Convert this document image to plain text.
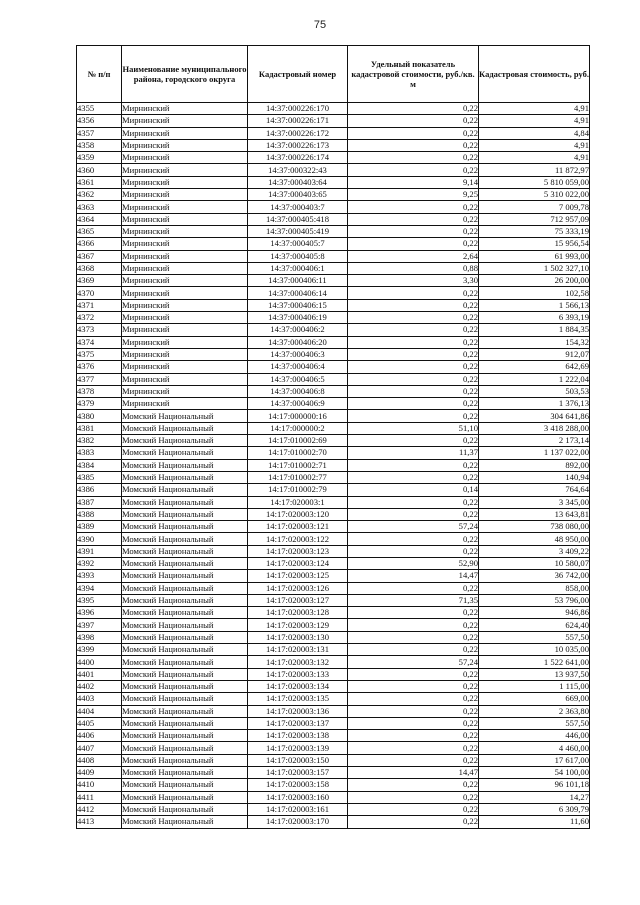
75
№ п/п	Наименование муниципального района, городского округа	Кадастровый номер	Удельный показатель кадастровой стоимости, руб./кв. м	Кадастровая стоимость, руб.
4355	Мирнинский	14:37:000226:170	0,22	4,91
4356	Мирнинский	14:37:000226:171	0,22	4,91
4357	Мирнинский	14:37:000226:172	0,22	4,84
4358	Мирнинский	14:37:000226:173	0,22	4,91
4359	Мирнинский	14:37:000226:174	0,22	4,91
4360	Мирнинский	14:37:000322:43	0,22	11 872,97
4361	Мирнинский	14:37:000403:64	9,14	5 810 059,00
4362	Мирнинский	14:37:000403:65	9,25	5 310 022,00
4363	Мирнинский	14:37:000403:7	0,22	7 009,78
4364	Мирнинский	14:37:000405:418	0,22	712 957,09
4365	Мирнинский	14:37:000405:419	0,22	75 333,19
4366	Мирнинский	14:37:000405:7	0,22	15 956,54
4367	Мирнинский	14:37:000405:8	2,64	61 993,00
4368	Мирнинский	14:37:000406:1	0,88	1 502 327,10
4369	Мирнинский	14:37:000406:11	3,30	26 200,00
4370	Мирнинский	14:37:000406:14	0,22	102,58
4371	Мирнинский	14:37:000406:15	0,22	1 566,13
4372	Мирнинский	14:37:000406:19	0,22	6 393,19
4373	Мирнинский	14:37:000406:2	0,22	1 884,35
4374	Мирнинский	14:37:000406:20	0,22	154,32
4375	Мирнинский	14:37:000406:3	0,22	912,07
4376	Мирнинский	14:37:000406:4	0,22	642,69
4377	Мирнинский	14:37:000406:5	0,22	1 222,04
4378	Мирнинский	14:37:000406:8	0,22	503,53
4379	Мирнинский	14:37:000406:9	0,22	1 376,13
4380	Момский Национальный	14:17:000000:16	0,22	304 641,86
4381	Момский Национальный	14:17:000000:2	51,10	3 418 288,00
4382	Момский Национальный	14:17:010002:69	0,22	2 173,14
4383	Момский Национальный	14:17:010002:70	11,37	1 137 022,00
4384	Момский Национальный	14:17:010002:71	0,22	892,00
4385	Момский Национальный	14:17:010002:77	0,22	140,94
4386	Момский Национальный	14:17:010002:79	0,14	764,64
4387	Момский Национальный	14:17:020003:1	0,22	3 345,00
4388	Момский Национальный	14:17:020003:120	0,22	13 643,81
4389	Момский Национальный	14:17:020003:121	57,24	738 080,00
4390	Момский Национальный	14:17:020003:122	0,22	48 950,00
4391	Момский Национальный	14:17:020003:123	0,22	3 409,22
4392	Момский Национальный	14:17:020003:124	52,90	10 580,07
4393	Момский Национальный	14:17:020003:125	14,47	36 742,00
4394	Момский Национальный	14:17:020003:126	0,22	858,00
4395	Момский Национальный	14:17:020003:127	71,35	53 796,00
4396	Момский Национальный	14:17:020003:128	0,22	946,86
4397	Момский Национальный	14:17:020003:129	0,22	624,40
4398	Момский Национальный	14:17:020003:130	0,22	557,50
4399	Момский Национальный	14:17:020003:131	0,22	10 035,00
4400	Момский Национальный	14:17:020003:132	57,24	1 522 641,00
4401	Момский Национальный	14:17:020003:133	0,22	13 937,50
4402	Момский Национальный	14:17:020003:134	0,22	1 115,00
4403	Момский Национальный	14:17:020003:135	0,22	669,00
4404	Момский Национальный	14:17:020003:136	0,22	2 363,80
4405	Момский Национальный	14:17:020003:137	0,22	557,50
4406	Момский Национальный	14:17:020003:138	0,22	446,00
4407	Момский Национальный	14:17:020003:139	0,22	4 460,00
4408	Момский Национальный	14:17:020003:150	0,22	17 617,00
4409	Момский Национальный	14:17:020003:157	14,47	54 100,00
4410	Момский Национальный	14:17:020003:158	0,22	96 101,18
4411	Момский Национальный	14:17:020003:160	0,22	14,27
4412	Момский Национальный	14:17:020003:161	0,22	6 309,79
4413	Момский Национальный	14:17:020003:170	0,22	11,60
